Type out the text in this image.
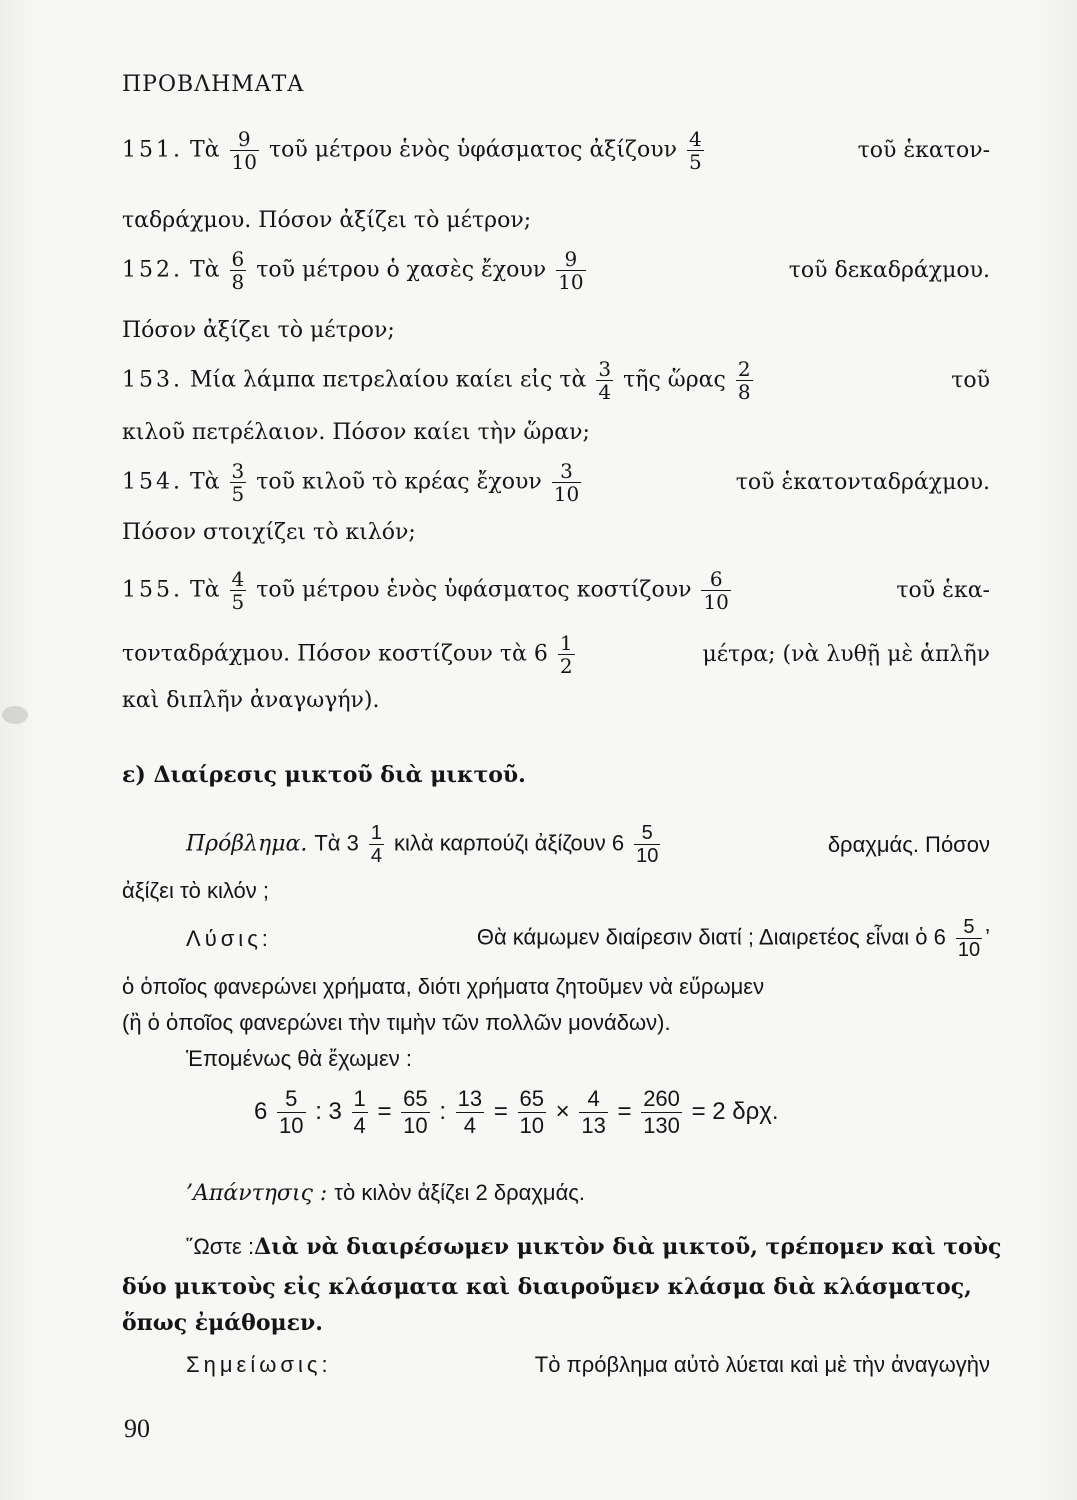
ΠΡΟΒΛΗΜΑΤΑ
151. Τὰ $\frac{9}{10}$ τοῦ μέτρου ἑνὸς ὑφάσματος ἀξίζουν $\frac{4}{5}$	τοῦ ἑκατον-
ταδράχμου. Πόσον ἀξίζει τὸ μέτρον;
152. Τὰ $\frac{6}{8}$ τοῦ μέτρου ὁ χασὲς ἔχουν $\frac{9}{10}$	τοῦ δεκαδράχμου.
Πόσον ἀξίζει τὸ μέτρον;
153. Μία λάμπα πετρελαίου καίει εἰς τὰ $\frac{3}{4}$ τῆς ὥρας $\frac{2}{8}$	τοῦ
κιλοῦ πετρέλαιον. Πόσον καίει τὴν ὥραν;
154. Τὰ $\frac{3}{5}$ τοῦ κιλοῦ τὸ κρέας ἔχουν $\frac{3}{10}$	τοῦ ἑκατονταδράχμου.
Πόσον στοιχίζει τὸ κιλόν;
155. Τὰ $\frac{4}{5}$ τοῦ μέτρου ἑνὸς ὑφάσματος κοστίζουν $\frac{6}{10}$	τοῦ ἑκα-
τονταδράχμου. Πόσον κοστίζουν τὰ $6 \frac{1}{2}$	μέτρα; (νὰ λυθῇ μὲ ἁπλῆν
καὶ διπλῆν ἀναγωγήν).
ε) Διαίρεσις μικτοῦ διὰ μικτοῦ.
Πρόβλημα. Τὰ $3 \frac{1}{4}$ κιλὰ καρπούζι ἀξίζουν $6 \frac{5}{10}$	δραχμάς. Πόσον
ἀξίζει τὸ κιλόν ;
Λύσις:	Θὰ κάμωμεν διαίρεσιν διατί ; Διαιρετέος εἶναι ὁ $6 \frac{5}{10}$ ’
ὁ ὁποῖος φανερώνει χρήματα, διότι χρήματα ζητοῦμεν νὰ εὕρωμεν
(ἢ ὁ ὁποῖος φανερώνει τὴν τιμὴν τῶν πολλῶν μονάδων).
Ἑπομένως θὰ ἔχωμεν :
$6 \frac{5}{10}$ : $3 \frac{1}{4} = \frac{65}{10}$ : $\frac{13}{4} = \frac{65}{10} \times \frac{4}{13} = \frac{260}{130} = 2$ δρχ.
’Απάντησις : τὸ κιλὸν ἀξίζει 2 δραχμάς.
῞Ωστε : Διὰ νὰ διαιρέσωμεν μικτὸν διὰ μικτοῦ, τρέπομεν καὶ τοὺς
δύο μικτοὺς εἰς κλάσματα καὶ διαιροῦμεν κλάσμα διὰ κλάσματος,
ὅπως ἐμάθομεν.
Σημείωσις:	Τὸ πρόβλημα αὐτὸ λύεται καὶ μὲ τὴν ἀναγωγὴν
90
